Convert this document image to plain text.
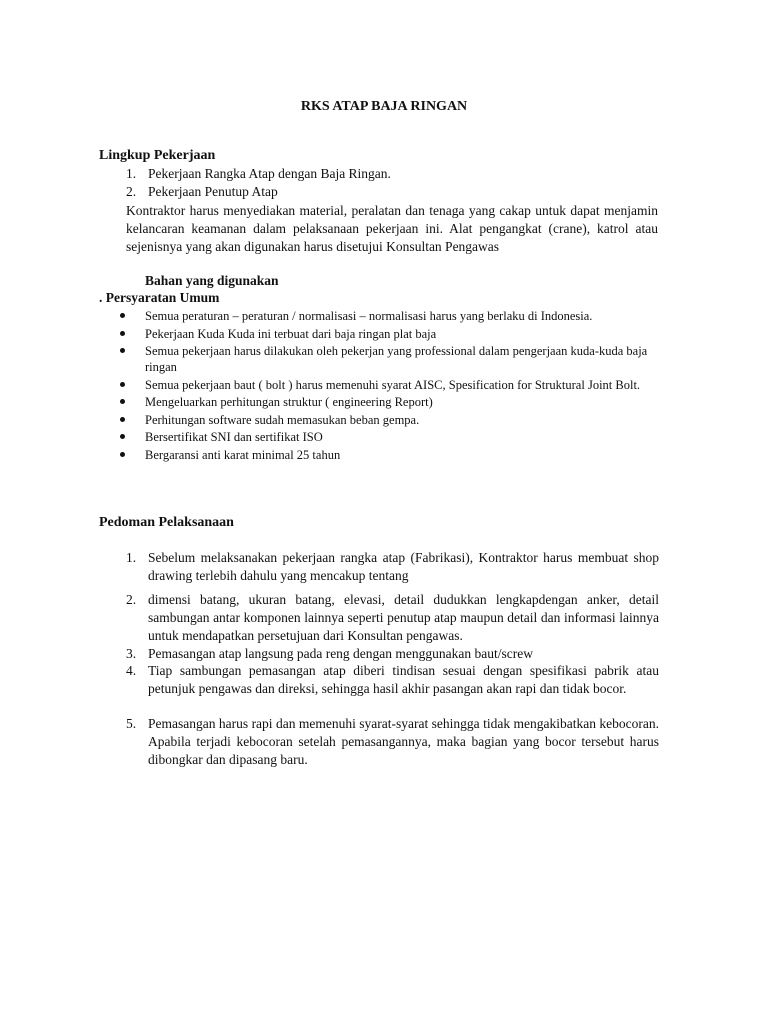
RKS ATAP BAJA RINGAN
Lingkup Pekerjaan
1. Pekerjaan Rangka Atap dengan Baja Ringan.
2. Pekerjaan Penutup Atap
Kontraktor harus menyediakan material, peralatan dan tenaga yang cakap untuk dapat menjamin kelancaran keamanan dalam pelaksanaan pekerjaan ini. Alat pengangkat (crane), katrol atau sejenisnya yang akan digunakan harus disetujui Konsultan Pengawas
Bahan yang digunakan
. Persyaratan Umum
Semua peraturan – peraturan / normalisasi – normalisasi harus yang berlaku di Indonesia.
Pekerjaan Kuda Kuda ini terbuat dari baja ringan plat baja
Semua pekerjaan harus dilakukan oleh pekerjan yang professional dalam pengerjaan kuda-kuda baja ringan
Semua pekerjaan baut ( bolt ) harus memenuhi syarat AISC, Spesification for Struktural Joint Bolt.
Mengeluarkan perhitungan struktur ( engineering Report)
Perhitungan software sudah memasukan beban gempa.
Bersertifikat SNI dan sertifikat ISO
Bergaransi anti karat minimal 25 tahun
Pedoman Pelaksanaan
1. Sebelum melaksanakan pekerjaan rangka atap (Fabrikasi), Kontraktor harus membuat shop drawing terlebih dahulu yang mencakup tentang
2. dimensi batang, ukuran batang, elevasi, detail dudukkan lengkapdengan anker, detail sambungan antar komponen lainnya seperti penutup atap maupun detail dan informasi lainnya untuk mendapatkan persetujuan dari Konsultan pengawas.
3. Pemasangan atap langsung pada reng dengan menggunakan baut/screw
4. Tiap sambungan pemasangan atap diberi tindisan sesuai dengan spesifikasi pabrik atau petunjuk pengawas dan direksi, sehingga hasil akhir pasangan akan rapi dan tidak bocor.
5. Pemasangan harus rapi dan memenuhi syarat-syarat sehingga tidak mengakibatkan kebocoran. Apabila terjadi kebocoran setelah pemasangannya, maka bagian yang bocor tersebut harus dibongkar dan dipasang baru.
